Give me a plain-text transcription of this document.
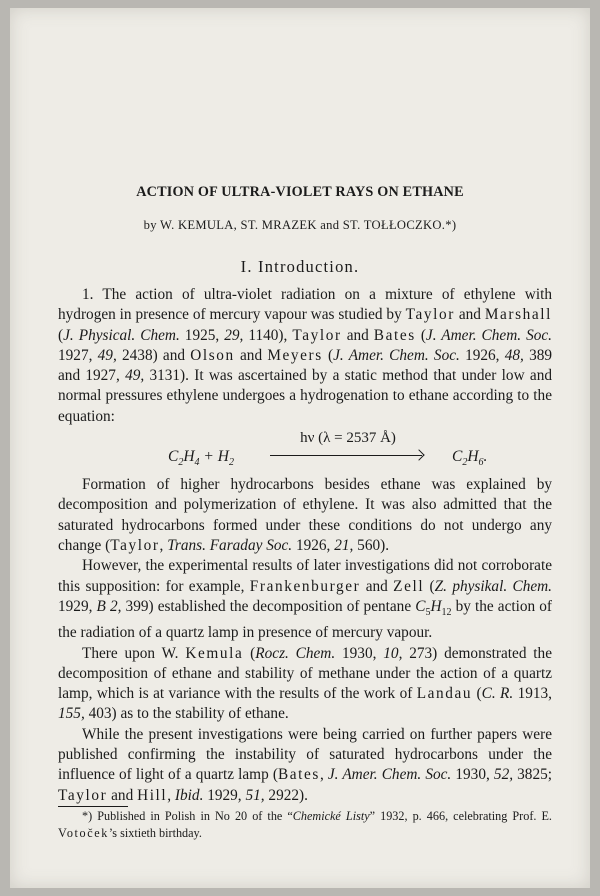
ACTION OF ULTRA-VIOLET RAYS ON ETHANE
by W. KEMULA, ST. MRAZEK and ST. TOŁŁOCZKO.*)
I. Introduction.

1. The action of ultra-violet radiation on a mixture of ethylene with hydrogen in presence of mercury vapour was studied by Taylor and Marshall (J. Physical. Chem. 1925, 29, 1140), Taylor and Bates (J. Amer. Chem. Soc. 1927, 49, 2438) and Olson and Meyers (J. Amer. Chem. Soc. 1926, 48, 389 and 1927, 49, 3131). It was ascertained by a static method that under low and normal pressures ethylene undergoes a hydrogenation to ethane according to the equation:

$C_2H_4 + H_2$
hν (λ = 2537 Å)
$C_2H_6$.

Formation of higher hydrocarbons besides ethane was explained by decomposition and polymerization of ethylene. It was also admitted that the saturated hydrocarbons formed under these conditions do not undergo any change (Taylor, Trans. Faraday Soc. 1926, 21, 560).

However, the experimental results of later investigations did not corroborate this supposition: for example, Frankenburger and Zell (Z. physikal. Chem. 1929, B 2, 399) established the decomposition of pentane $C_5H_{12}$ by the action of the radiation of a quartz lamp in presence of mercury vapour.

There upon W. Kemula (Rocz. Chem. 1930, 10, 273) demonstrated the decomposition of ethane and stability of methane under the action of a quartz lamp, which is at variance with the results of the work of Landau (C. R. 1913, 155, 403) as to the stability of ethane.

While the present investigations were being carried on further papers were published confirming the instability of saturated hydrocarbons under the influence of light of a quartz lamp (Bates, J. Amer. Chem. Soc. 1930, 52, 3825; Taylor and Hill, Ibid. 1929, 51, 2922).

*) Published in Polish in No 20 of the “Chemické Listy” 1932, p. 466, celebrating Prof. E. Votoček’s sixtieth birthday.
